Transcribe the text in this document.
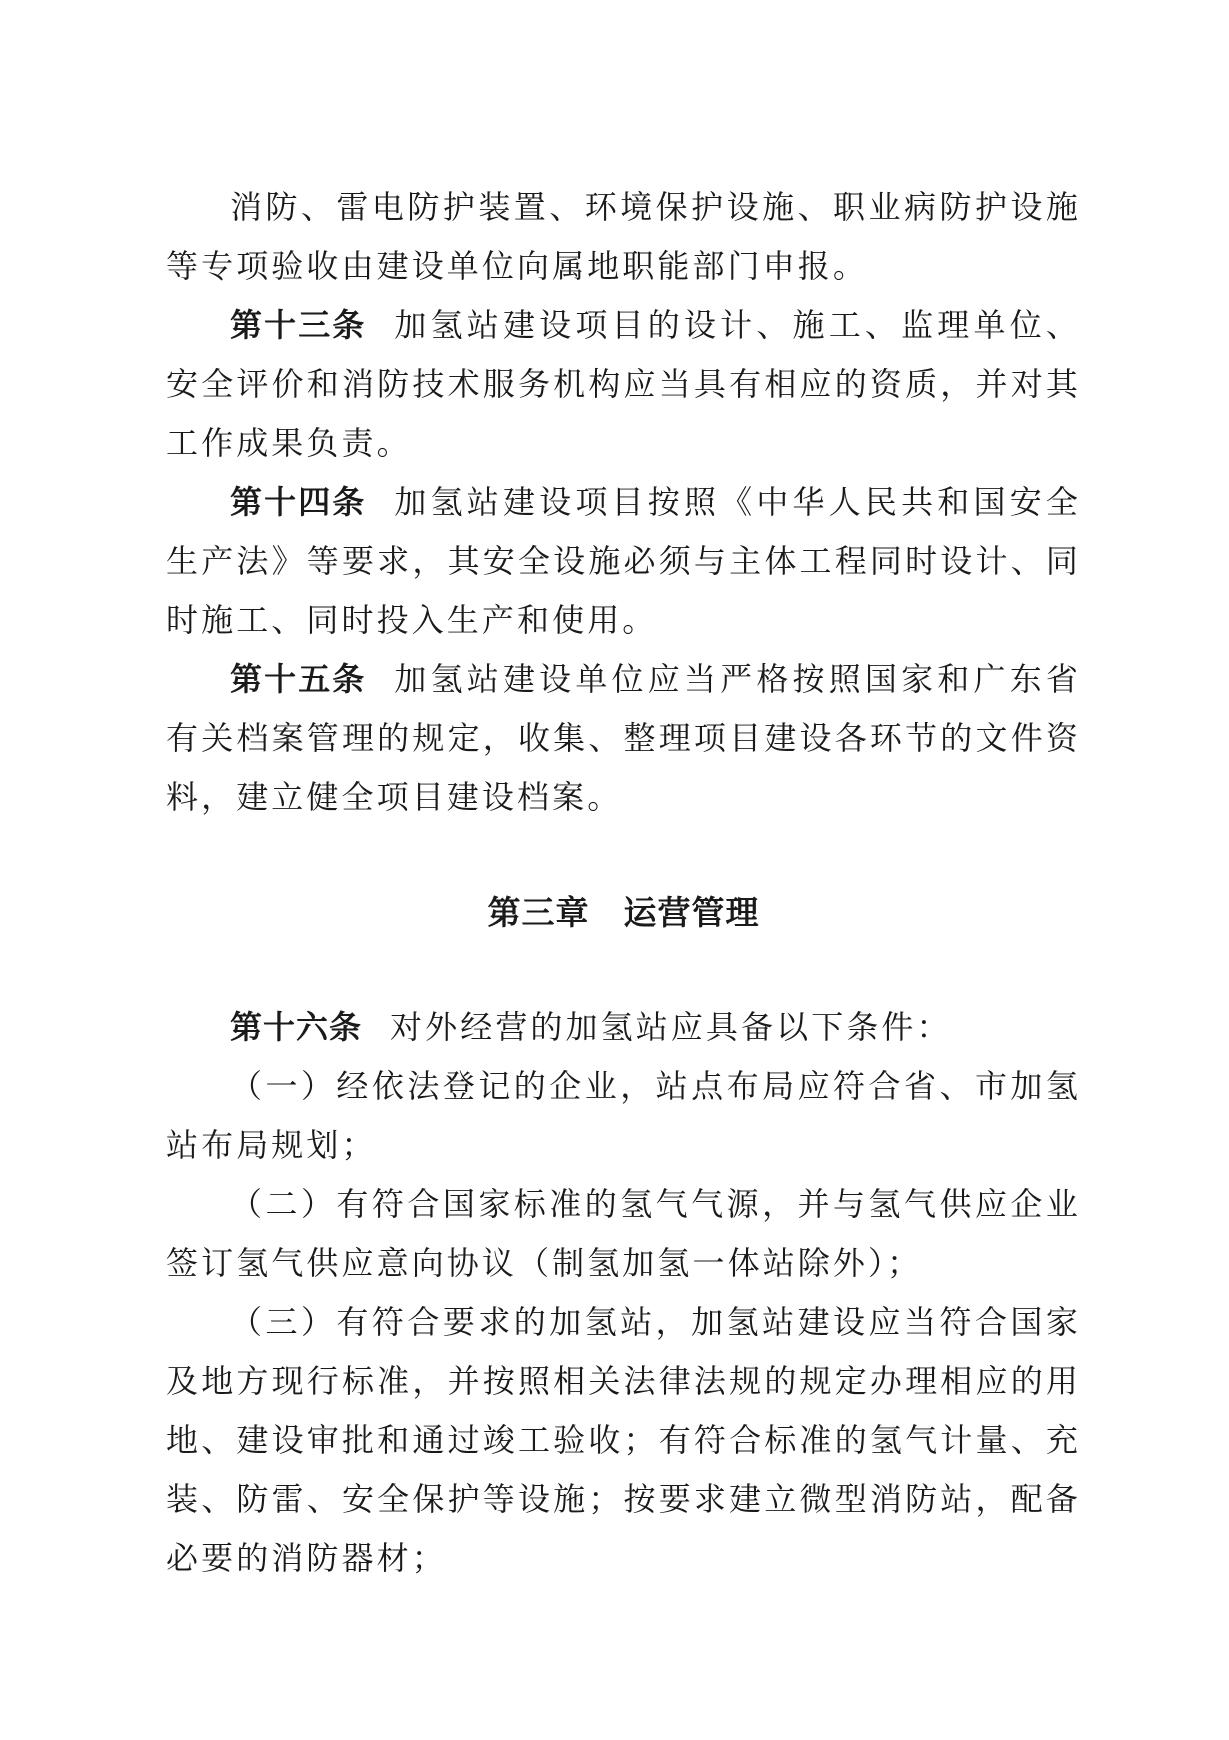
消防、雷电防护装置、环境保护设施、职业病防护设施等专项验收由建设单位向属地职能部门申报。

第十三条 加氢站建设项目的设计、施工、监理单位、安全评价和消防技术服务机构应当具有相应的资质，并对其工作成果负责。

第十四条 加氢站建设项目按照《中华人民共和国安全生产法》等要求，其安全设施必须与主体工程同时设计、同时施工、同时投入生产和使用。

第十五条 加氢站建设单位应当严格按照国家和广东省有关档案管理的规定，收集、整理项目建设各环节的文件资料，建立健全项目建设档案。

第三章 运营管理

第十六条 对外经营的加氢站应具备以下条件：

（一）经依法登记的企业，站点布局应符合省、市加氢站布局规划；

（二）有符合国家标准的氢气气源，并与氢气供应企业签订氢气供应意向协议（制氢加氢一体站除外）；

（三）有符合要求的加氢站，加氢站建设应当符合国家及地方现行标准，并按照相关法律法规的规定办理相应的用地、建设审批和通过竣工验收；有符合标准的氢气计量、充装、防雷、安全保护等设施；按要求建立微型消防站，配备必要的消防器材；
